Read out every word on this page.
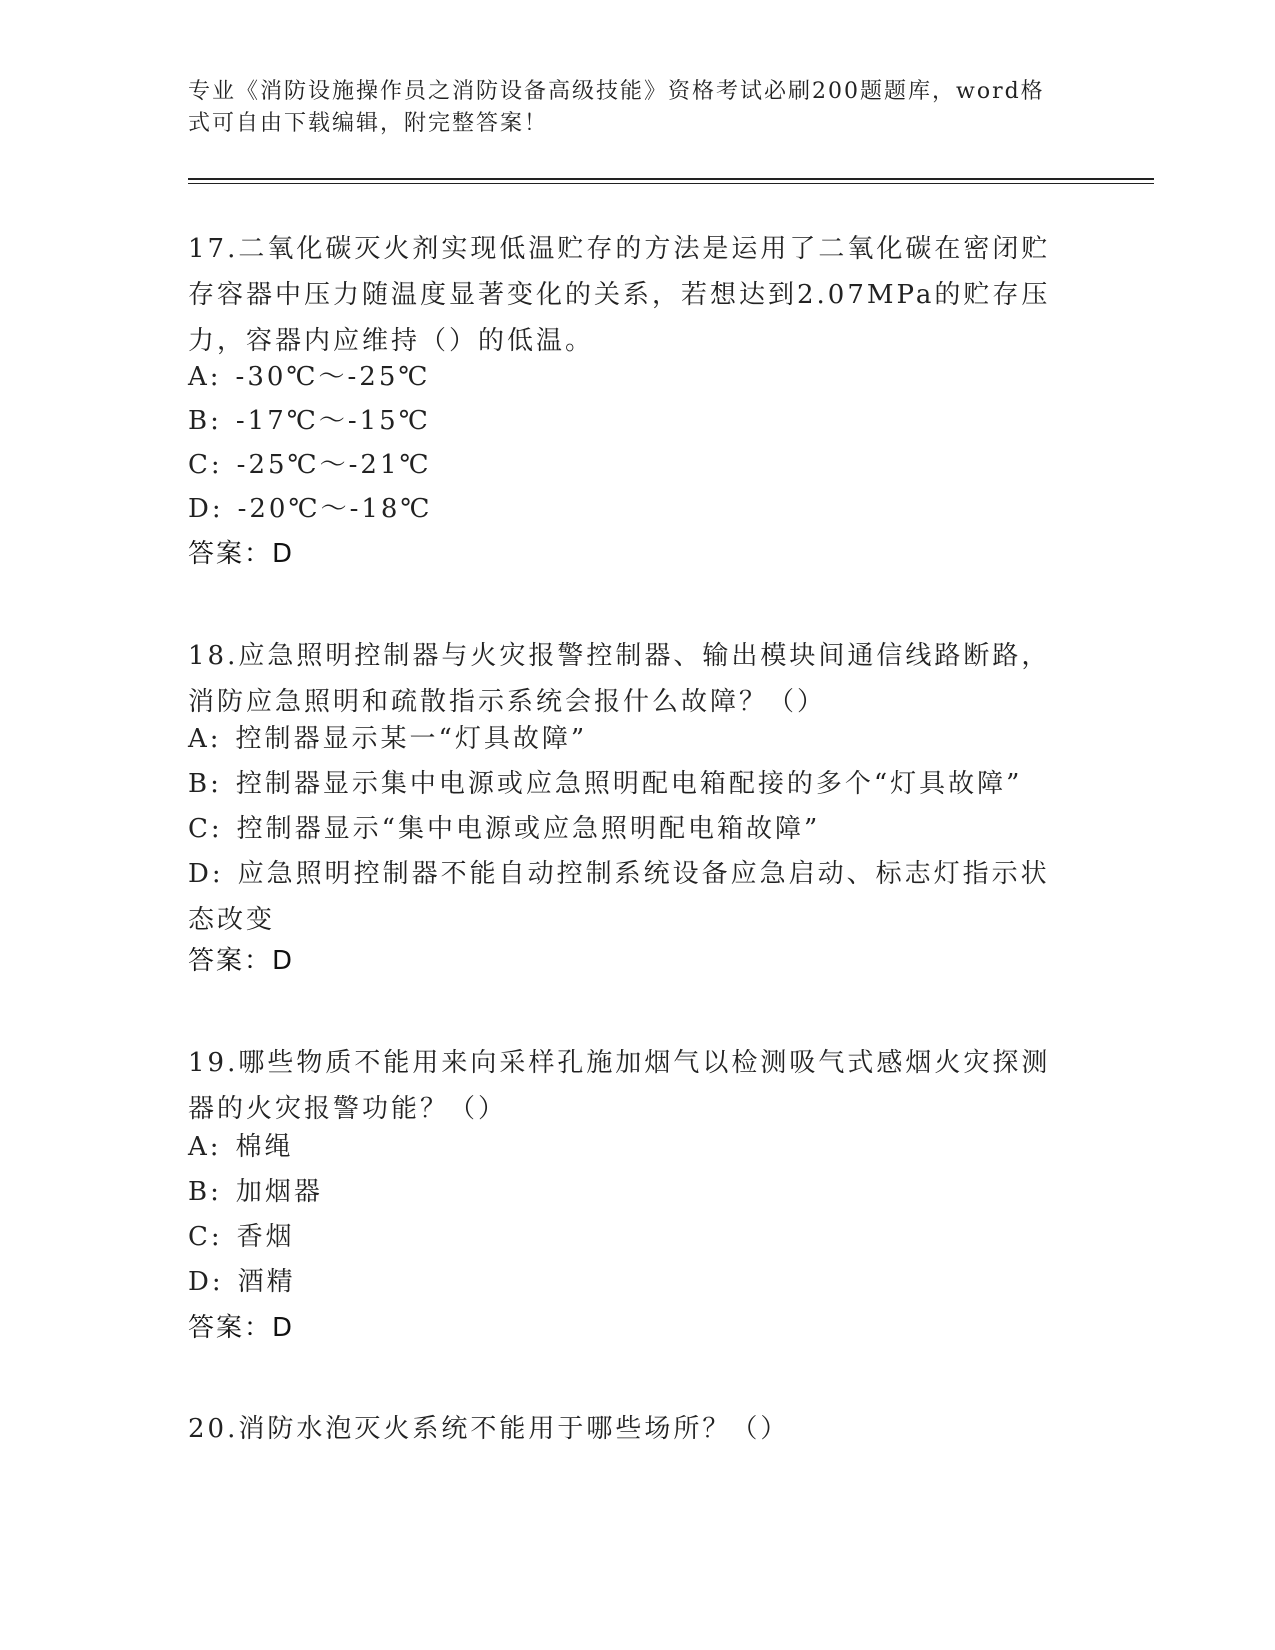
专业《消防设施操作员之消防设备高级技能》资格考试必刷200题题库，word格式可自由下载编辑，附完整答案！

17.二氧化碳灭火剂实现低温贮存的方法是运用了二氧化碳在密闭贮存容器中压力随温度显著变化的关系，若想达到2.07MPa的贮存压力，容器内应维持（）的低温。

A: -30℃～-25℃
B: -17℃～-15℃
C: -25℃～-21℃
D: -20℃～-18℃
答案：D

18.应急照明控制器与火灾报警控制器、输出模块间通信线路断路，消防应急照明和疏散指示系统会报什么故障？（）

A: 控制器显示某一“灯具故障”
B: 控制器显示集中电源或应急照明配电箱配接的多个“灯具故障”
C: 控制器显示“集中电源或应急照明配电箱故障”
D: 应急照明控制器不能自动控制系统设备应急启动、标志灯指示状态改变
答案：D

19.哪些物质不能用来向采样孔施加烟气以检测吸气式感烟火灾探测器的火灾报警功能？（）

A: 棉绳
B: 加烟器
C: 香烟
D: 酒精
答案：D

20.消防水泡灭火系统不能用于哪些场所？（）
